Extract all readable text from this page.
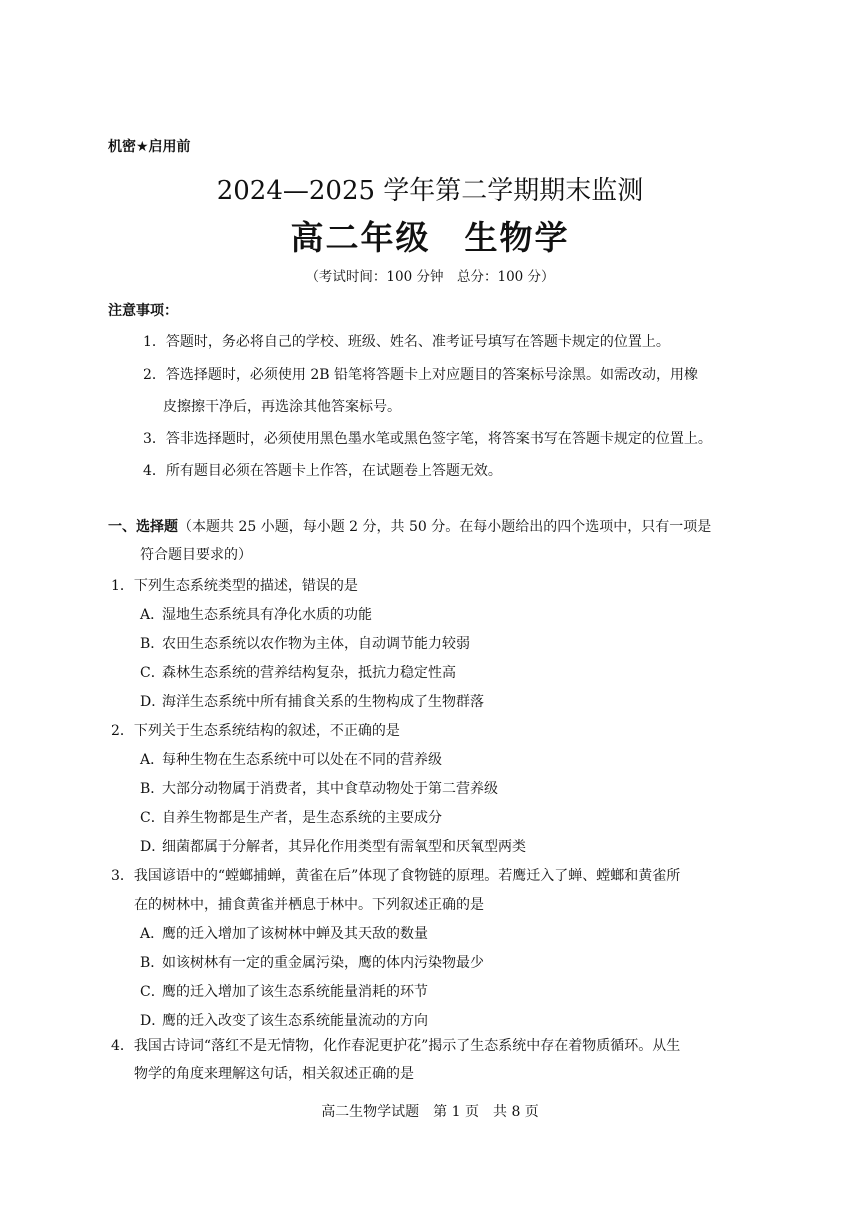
机密★启用前
2024—2025 学年第二学期期末监测
高二年级 生物学
（考试时间：100 分钟　总分：100 分）
注意事项：
1．答题时，务必将自己的学校、班级、姓名、准考证号填写在答题卡规定的位置上。
2．答选择题时，必须使用 2B 铅笔将答题卡上对应题目的答案标号涂黑。如需改动，用橡
皮擦擦干净后，再选涂其他答案标号。
3．答非选择题时，必须使用黑色墨水笔或黑色签字笔，将答案书写在答题卡规定的位置上。
4．所有题目必须在答题卡上作答，在试题卷上答题无效。
一、选择题（本题共 25 小题，每小题 2 分，共 50 分。在每小题给出的四个选项中，只有一项是
符合题目要求的）
1．下列生态系统类型的描述，错误的是
A．湿地生态系统具有净化水质的功能
B．农田生态系统以农作物为主体，自动调节能力较弱
C．森林生态系统的营养结构复杂，抵抗力稳定性高
D．海洋生态系统中所有捕食关系的生物构成了生物群落
2．下列关于生态系统结构的叙述，不正确的是
A．每种生物在生态系统中可以处在不同的营养级
B．大部分动物属于消费者，其中食草动物处于第二营养级
C．自养生物都是生产者，是生态系统的主要成分
D．细菌都属于分解者，其异化作用类型有需氧型和厌氧型两类
3．我国谚语中的“螳螂捕蝉，黄雀在后”体现了食物链的原理。若鹰迁入了蝉、螳螂和黄雀所
在的树林中，捕食黄雀并栖息于林中。下列叙述正确的是
A．鹰的迁入增加了该树林中蝉及其天敌的数量
B．如该树林有一定的重金属污染，鹰的体内污染物最少
C．鹰的迁入增加了该生态系统能量消耗的环节
D．鹰的迁入改变了该生态系统能量流动的方向
4．我国古诗词“落红不是无情物，化作春泥更护花”揭示了生态系统中存在着物质循环。从生
物学的角度来理解这句话，相关叙述正确的是
高二生物学试题　第 1 页　共 8 页
